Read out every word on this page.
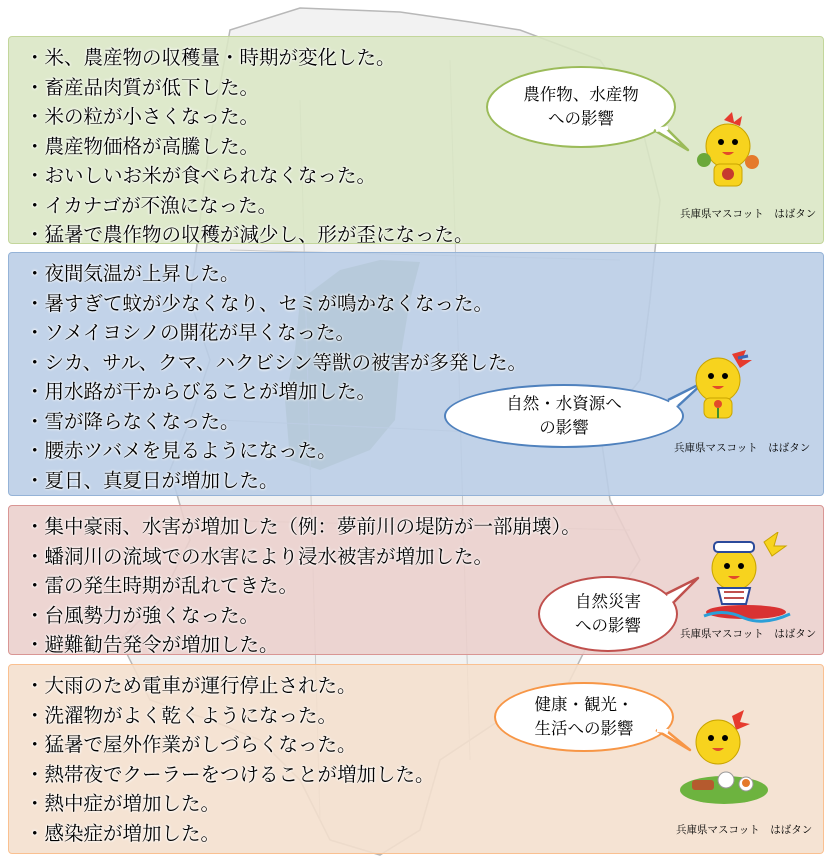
・米、農産物の収穫量・時期が変化した。
・畜産品肉質が低下した。
・米の粒が小さくなった。
・農産物価格が高騰した。
・おいしいお米が食べられなくなった。
・イカナゴが不漁になった。
・猛暑で農作物の収穫が減少し、形が歪になった。
・夜間気温が上昇した。
・暑すぎて蚊が少なくなり、セミが鳴かなくなった。
・ソメイヨシノの開花が早くなった。
・シカ、サル、クマ、ハクビシン等獣の被害が多発した。
・用水路が干からびることが増加した。
・雪が降らなくなった。
・腰赤ツバメを見るようになった。
・夏日、真夏日が増加した。
・集中豪雨、水害が増加した（例：夢前川の堤防が一部崩壊）。
・蟠洞川の流域での水害により浸水被害が増加した。
・雷の発生時期が乱れてきた。
・台風勢力が強くなった。
・避難勧告発令が増加した。
・大雨のため電車が運行停止された。
・洗濯物がよく乾くようになった。
・猛暑で屋外作業がしづらくなった。
・熱帯夜でクーラーをつけることが増加した。
・熱中症が増加した。
・感染症が増加した。
農作物、水産物
への影響
自然・水資源へ
の影響
自然災害
への影響
健康・観光・
生活への影響
兵庫県マスコット　はばタン
兵庫県マスコット　はばタン
兵庫県マスコット　はばタン
兵庫県マスコット　はばタン
